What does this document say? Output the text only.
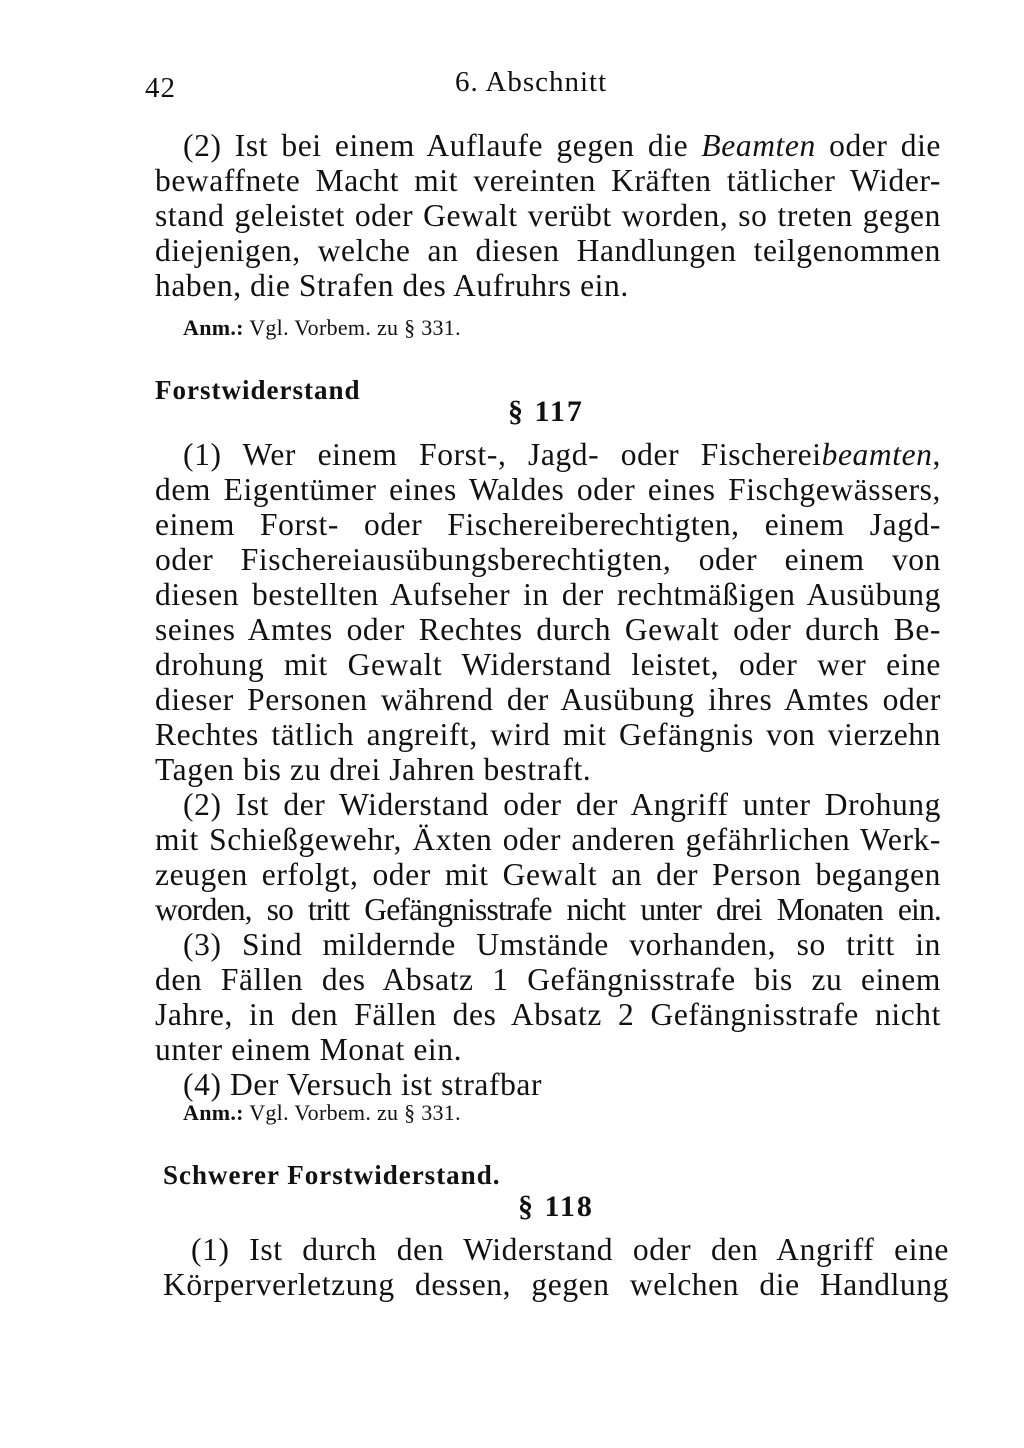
42	6. Abschnitt
(2) Ist bei einem Auflaufe gegen die Beamten oder die
bewaffnete Macht mit vereinten Kräften tätlicher Wider-
stand geleistet oder Gewalt verübt worden, so treten gegen
diejenigen, welche an diesen Handlungen teilgenommen
haben, die Strafen des Aufruhrs ein.
Anm.: Vgl. Vorbem. zu § 331.
Forstwiderstand
§ 117
(1) Wer einem Forst-, Jagd- oder Fischereibeamten,
dem Eigentümer eines Waldes oder eines Fischgewässers,
einem Forst- oder Fischereiberechtigten, einem Jagd-
oder Fischereiausübungsberechtigten, oder einem von
diesen bestellten Aufseher in der rechtmäßigen Ausübung
seines Amtes oder Rechtes durch Gewalt oder durch Be-
drohung mit Gewalt Widerstand leistet, oder wer eine
dieser Personen während der Ausübung ihres Amtes oder
Rechtes tätlich angreift, wird mit Gefängnis von vierzehn
Tagen bis zu drei Jahren bestraft.
(2) Ist der Widerstand oder der Angriff unter Drohung
mit Schießgewehr, Äxten oder anderen gefährlichen Werk-
zeugen erfolgt, oder mit Gewalt an der Person begangen
worden, so tritt Gefängnisstrafe nicht unter drei Monaten ein.
(3) Sind mildernde Umstände vorhanden, so tritt in
den Fällen des Absatz 1 Gefängnisstrafe bis zu einem
Jahre, in den Fällen des Absatz 2 Gefängnisstrafe nicht
unter einem Monat ein.
(4) Der Versuch ist strafbar
Anm.: Vgl. Vorbem. zu § 331.
Schwerer Forstwiderstand.
§ 118
(1) Ist durch den Widerstand oder den Angriff eine
Körperverletzung dessen, gegen welchen die Handlung
